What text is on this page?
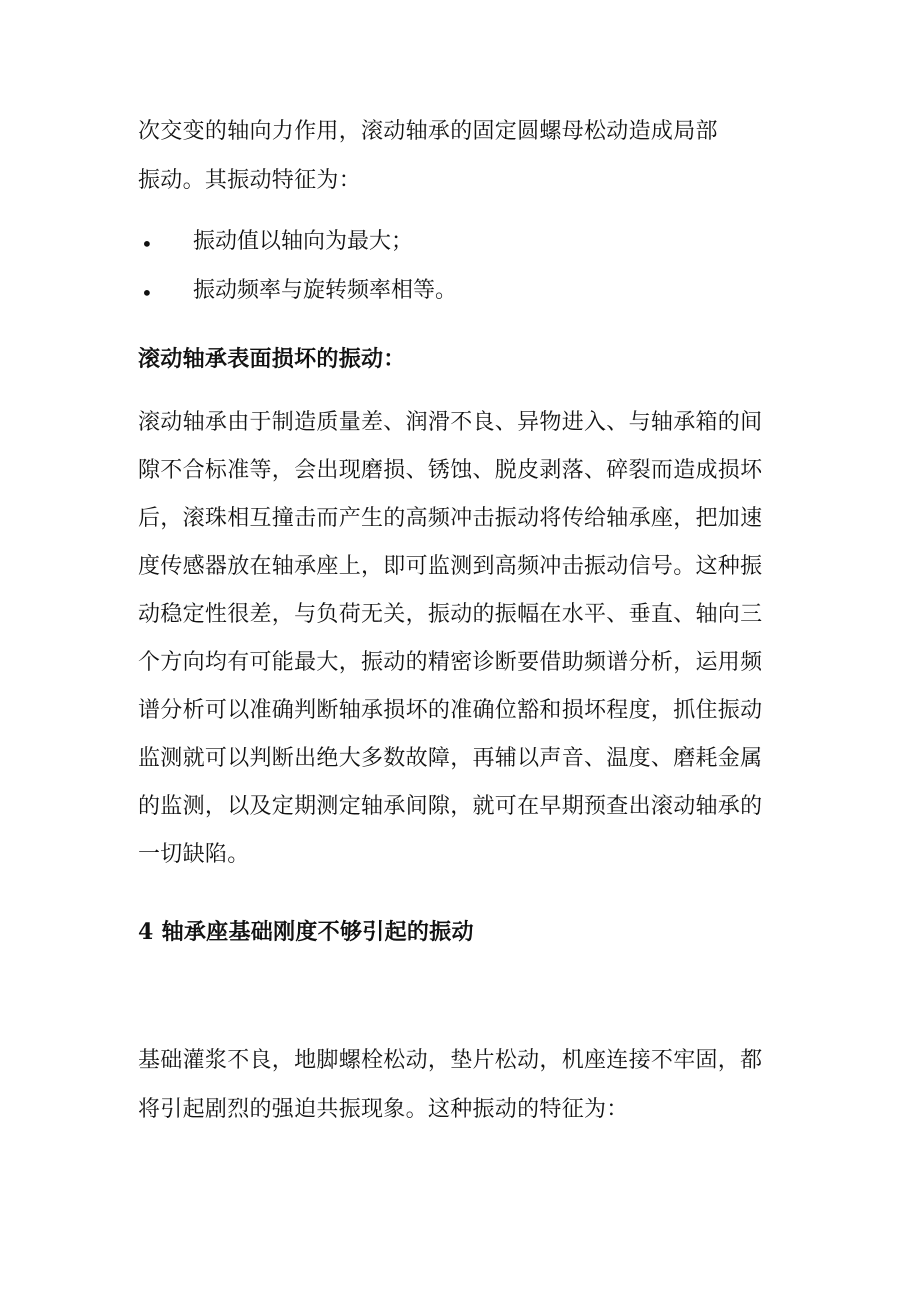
次交变的轴向力作用，滚动轴承的固定圆螺母松动造成局部
振动。其振动特征为：
• 振动值以轴向为最大；
• 振动频率与旋转频率相等。
滚动轴承表面损坏的振动：
滚动轴承由于制造质量差、润滑不良、异物进入、与轴承箱的间
隙不合标准等，会出现磨损、锈蚀、脱皮剥落、碎裂而造成损坏
后，滚珠相互撞击而产生的高频冲击振动将传给轴承座，把加速
度传感器放在轴承座上，即可监测到高频冲击振动信号。这种振
动稳定性很差，与负荷无关，振动的振幅在水平、垂直、轴向三
个方向均有可能最大，振动的精密诊断要借助频谱分析，运用频
谱分析可以准确判断轴承损坏的准确位豁和损坏程度，抓住振动
监测就可以判断出绝大多数故障，再辅以声音、温度、磨耗金属
的监测，以及定期测定轴承间隙，就可在早期预查出滚动轴承的
一切缺陷。
4 轴承座基础刚度不够引起的振动
基础灌浆不良，地脚螺栓松动，垫片松动，机座连接不牢固，都
将引起剧烈的强迫共振现象。这种振动的特征为：
